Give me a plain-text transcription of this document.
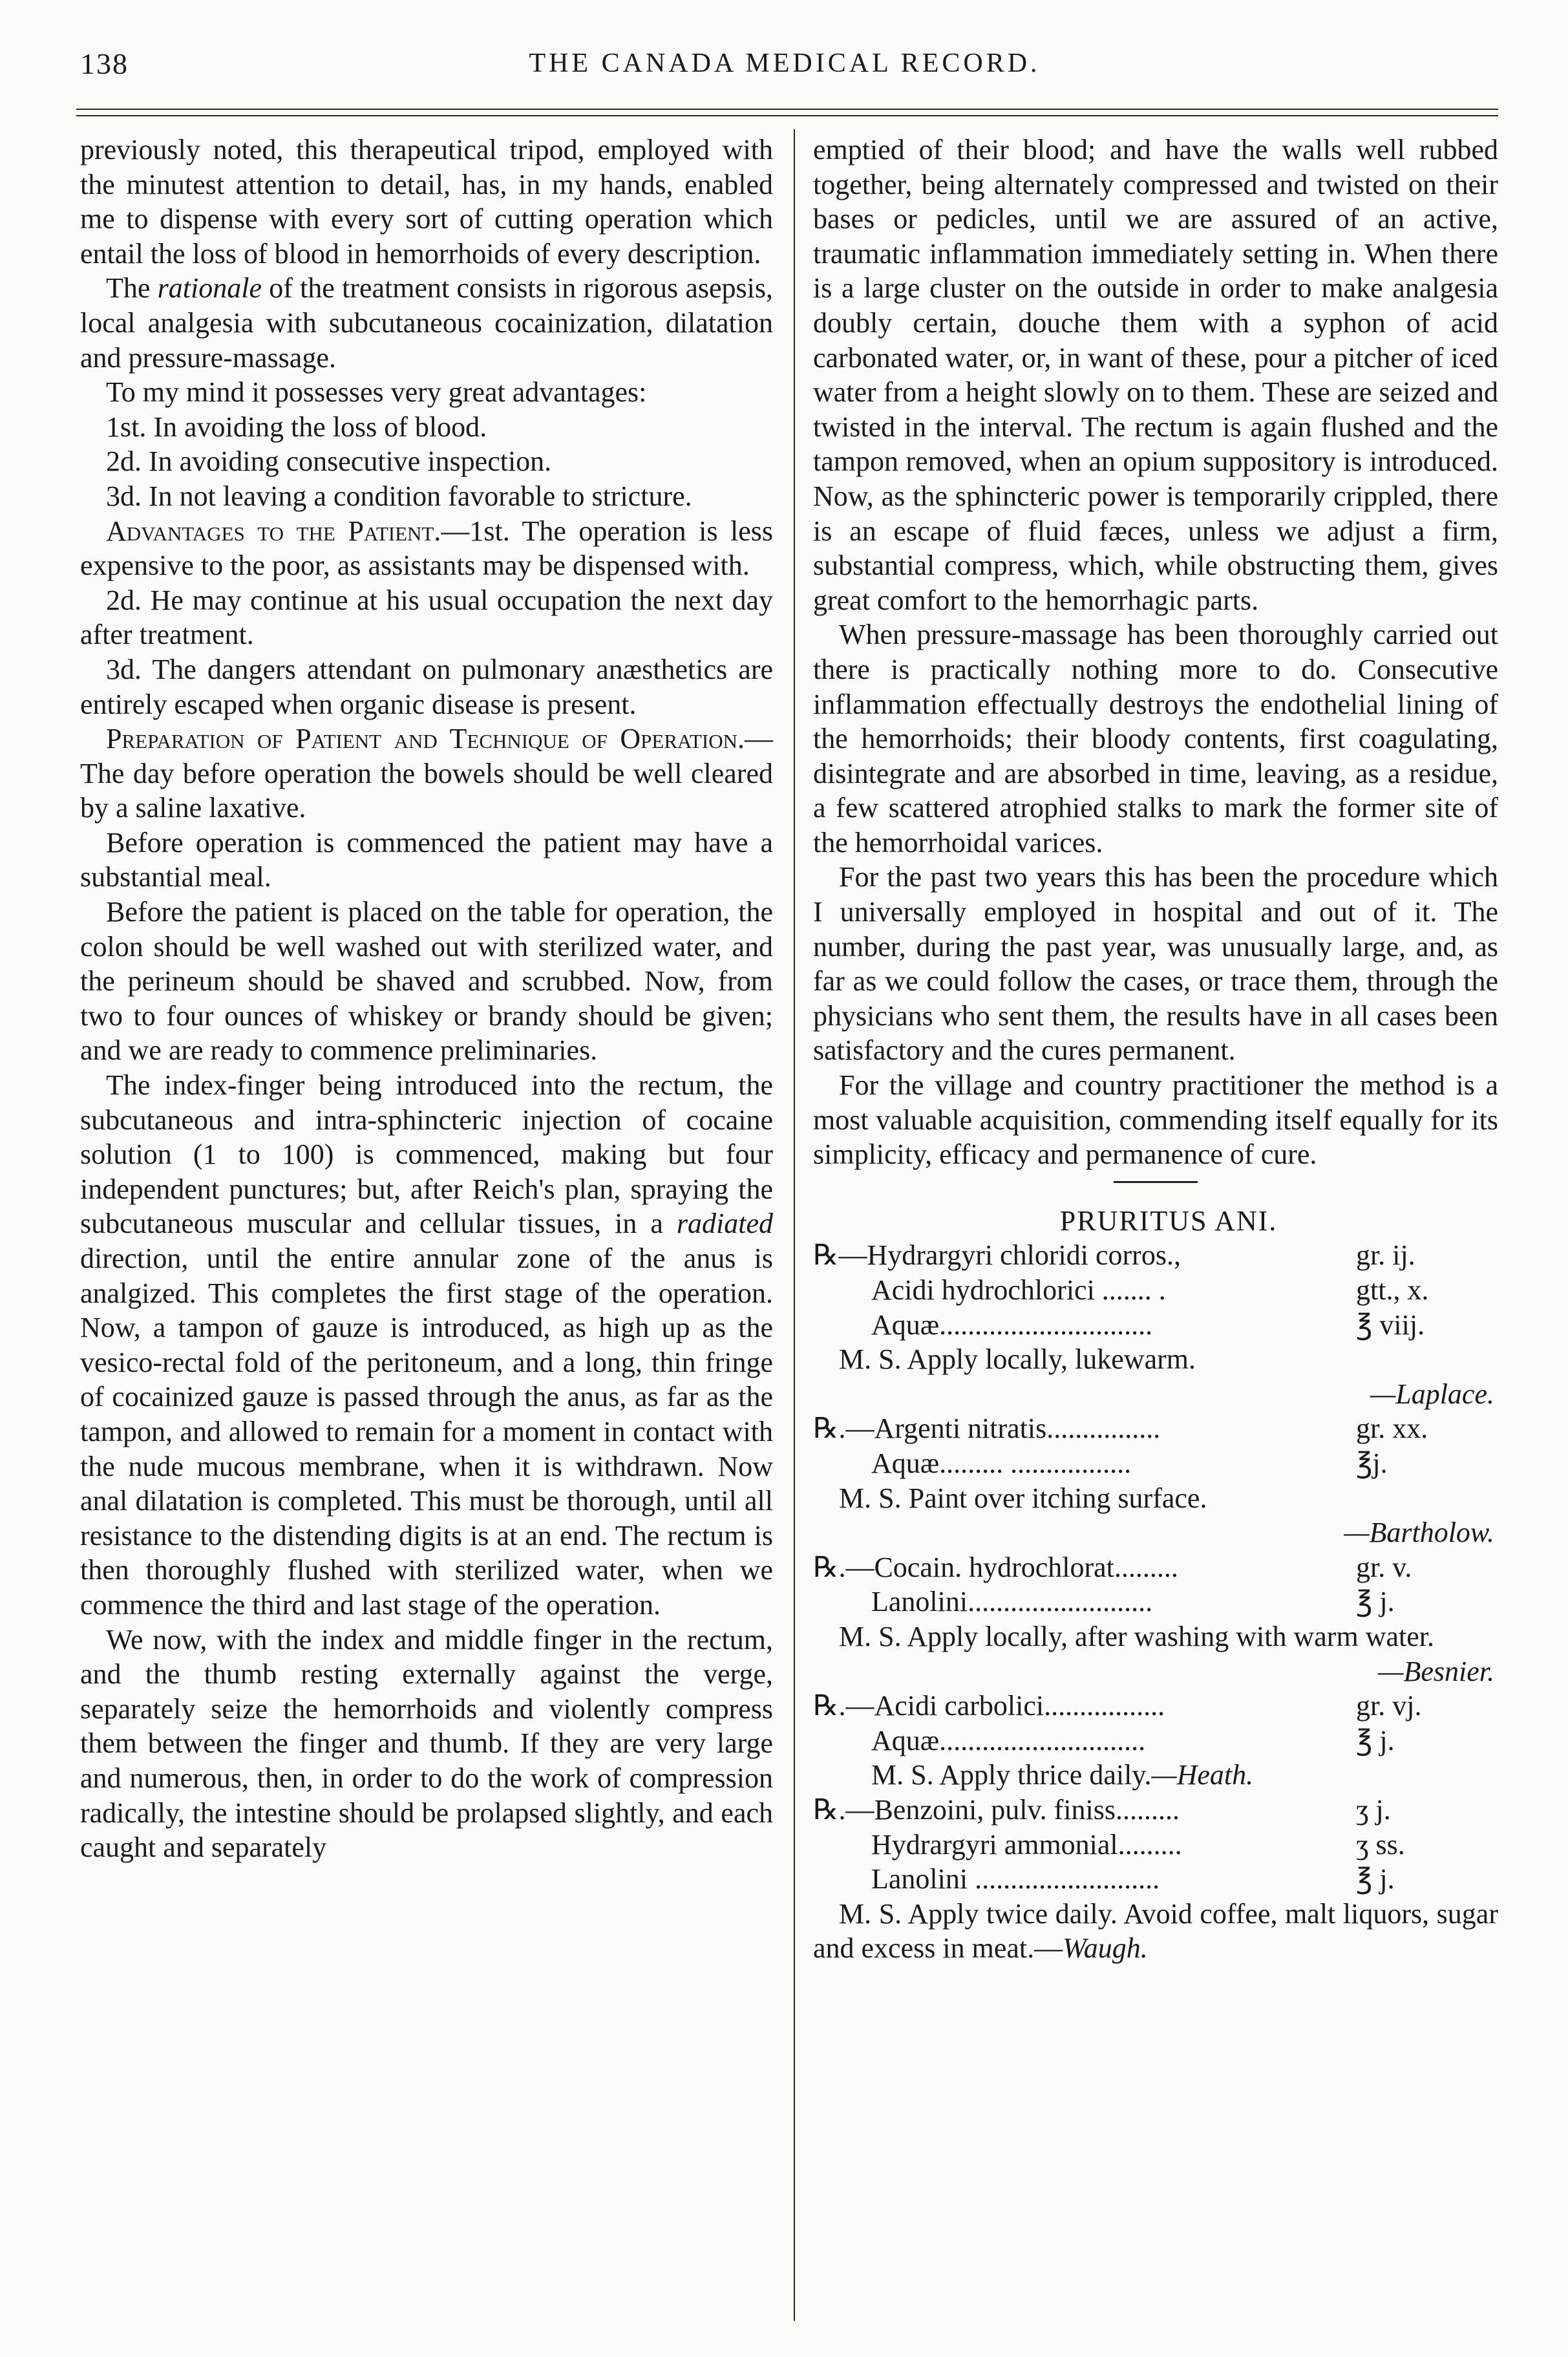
138	THE CANADA MEDICAL RECORD.

previously noted, this therapeutical tripod, employed with the minutest attention to detail, has, in my hands, enabled me to dispense with every sort of cutting operation which entail the loss of blood in hemorrhoids of every description.

The rationale of the treatment consists in rigorous asepsis, local analgesia with subcutaneous cocainization, dilatation and pressure-massage.

To my mind it possesses very great advantages:

1st. In avoiding the loss of blood.

2d. In avoiding consecutive inspection.

3d. In not leaving a condition favorable to stricture.

Advantages to the Patient.—1st. The operation is less expensive to the poor, as assistants may be dispensed with.

2d. He may continue at his usual occupation the next day after treatment.

3d. The dangers attendant on pulmonary anæsthetics are entirely escaped when organic disease is present.

Preparation of Patient and Technique of Operation.—The day before operation the bowels should be well cleared by a saline laxative.

Before operation is commenced the patient may have a substantial meal.

Before the patient is placed on the table for operation, the colon should be well washed out with sterilized water, and the perineum should be shaved and scrubbed. Now, from two to four ounces of whiskey or brandy should be given; and we are ready to commence preliminaries.

The index-finger being introduced into the rectum, the subcutaneous and intra-sphincteric injection of cocaine solution (1 to 100) is commenced, making but four independent punctures; but, after Reich's plan, spraying the subcutaneous muscular and cellular tissues, in a radiated direction, until the entire annular zone of the anus is analgized. This completes the first stage of the operation. Now, a tampon of gauze is introduced, as high up as the vesico-rectal fold of the peritoneum, and a long, thin fringe of cocainized gauze is passed through the anus, as far as the tampon, and allowed to remain for a moment in contact with the nude mucous membrane, when it is withdrawn. Now anal dilatation is completed. This must be thorough, until all resistance to the distending digits is at an end. The rectum is then thoroughly flushed with sterilized water, when we commence the third and last stage of the operation.

We now, with the index and middle finger in the rectum, and the thumb resting externally against the verge, separately seize the hemorrhoids and violently compress them between the finger and thumb. If they are very large and numerous, then, in order to do the work of compression radically, the intestine should be prolapsed slightly, and each caught and separately

emptied of their blood; and have the walls well rubbed together, being alternately compressed and twisted on their bases or pedicles, until we are assured of an active, traumatic inflammation immediately setting in. When there is a large cluster on the outside in order to make analgesia doubly certain, douche them with a syphon of acid carbonated water, or, in want of these, pour a pitcher of iced water from a height slowly on to them. These are seized and twisted in the interval. The rectum is again flushed and the tampon removed, when an opium suppository is introduced. Now, as the sphincteric power is temporarily crippled, there is an escape of fluid fæces, unless we adjust a firm, substantial compress, which, while obstructing them, gives great comfort to the hemorrhagic parts.

When pressure-massage has been thoroughly carried out there is practically nothing more to do. Consecutive inflammation effectually destroys the endothelial lining of the hemorrhoids; their bloody contents, first coagulating, disintegrate and are absorbed in time, leaving, as a residue, a few scattered atrophied stalks to mark the former site of the hemorrhoidal varices.

For the past two years this has been the procedure which I universally employed in hospital and out of it. The number, during the past year, was unusually large, and, as far as we could follow the cases, or trace them, through the physicians who sent them, the results have in all cases been satisfactory and the cures permanent.

For the village and country practitioner the method is a most valuable acquisition, commending itself equally for its simplicity, efficacy and permanence of cure.

PRURITUS ANI.

℞—Hydrargyri chloridi corros.,	gr. ij.
Acidi hydrochlorici ....... .	gtt., x.
Aquæ..............................	℥ viij.

M. S. Apply locally, lukewarm.

—Laplace.

℞.—Argenti nitratis................	gr. xx.
Aquæ......... .................	℥j.

M. S. Paint over itching surface.

—Bartholow.

℞.—Cocain. hydrochlorat.........	gr. v.
Lanolini..........................	℥ j.

M. S. Apply locally, after washing with warm water.

—Besnier.

℞.—Acidi carbolici.................	gr. vj.
Aquæ.............................	℥ j.

M. S. Apply thrice daily.—Heath.

℞.—Benzoini, pulv. finiss.........	ʒ j.
Hydrargyri ammonial.........	ʒ ss.
Lanolini ..........................	℥ j.

M. S. Apply twice daily. Avoid coffee, malt liquors, sugar and excess in meat.—Waugh.
